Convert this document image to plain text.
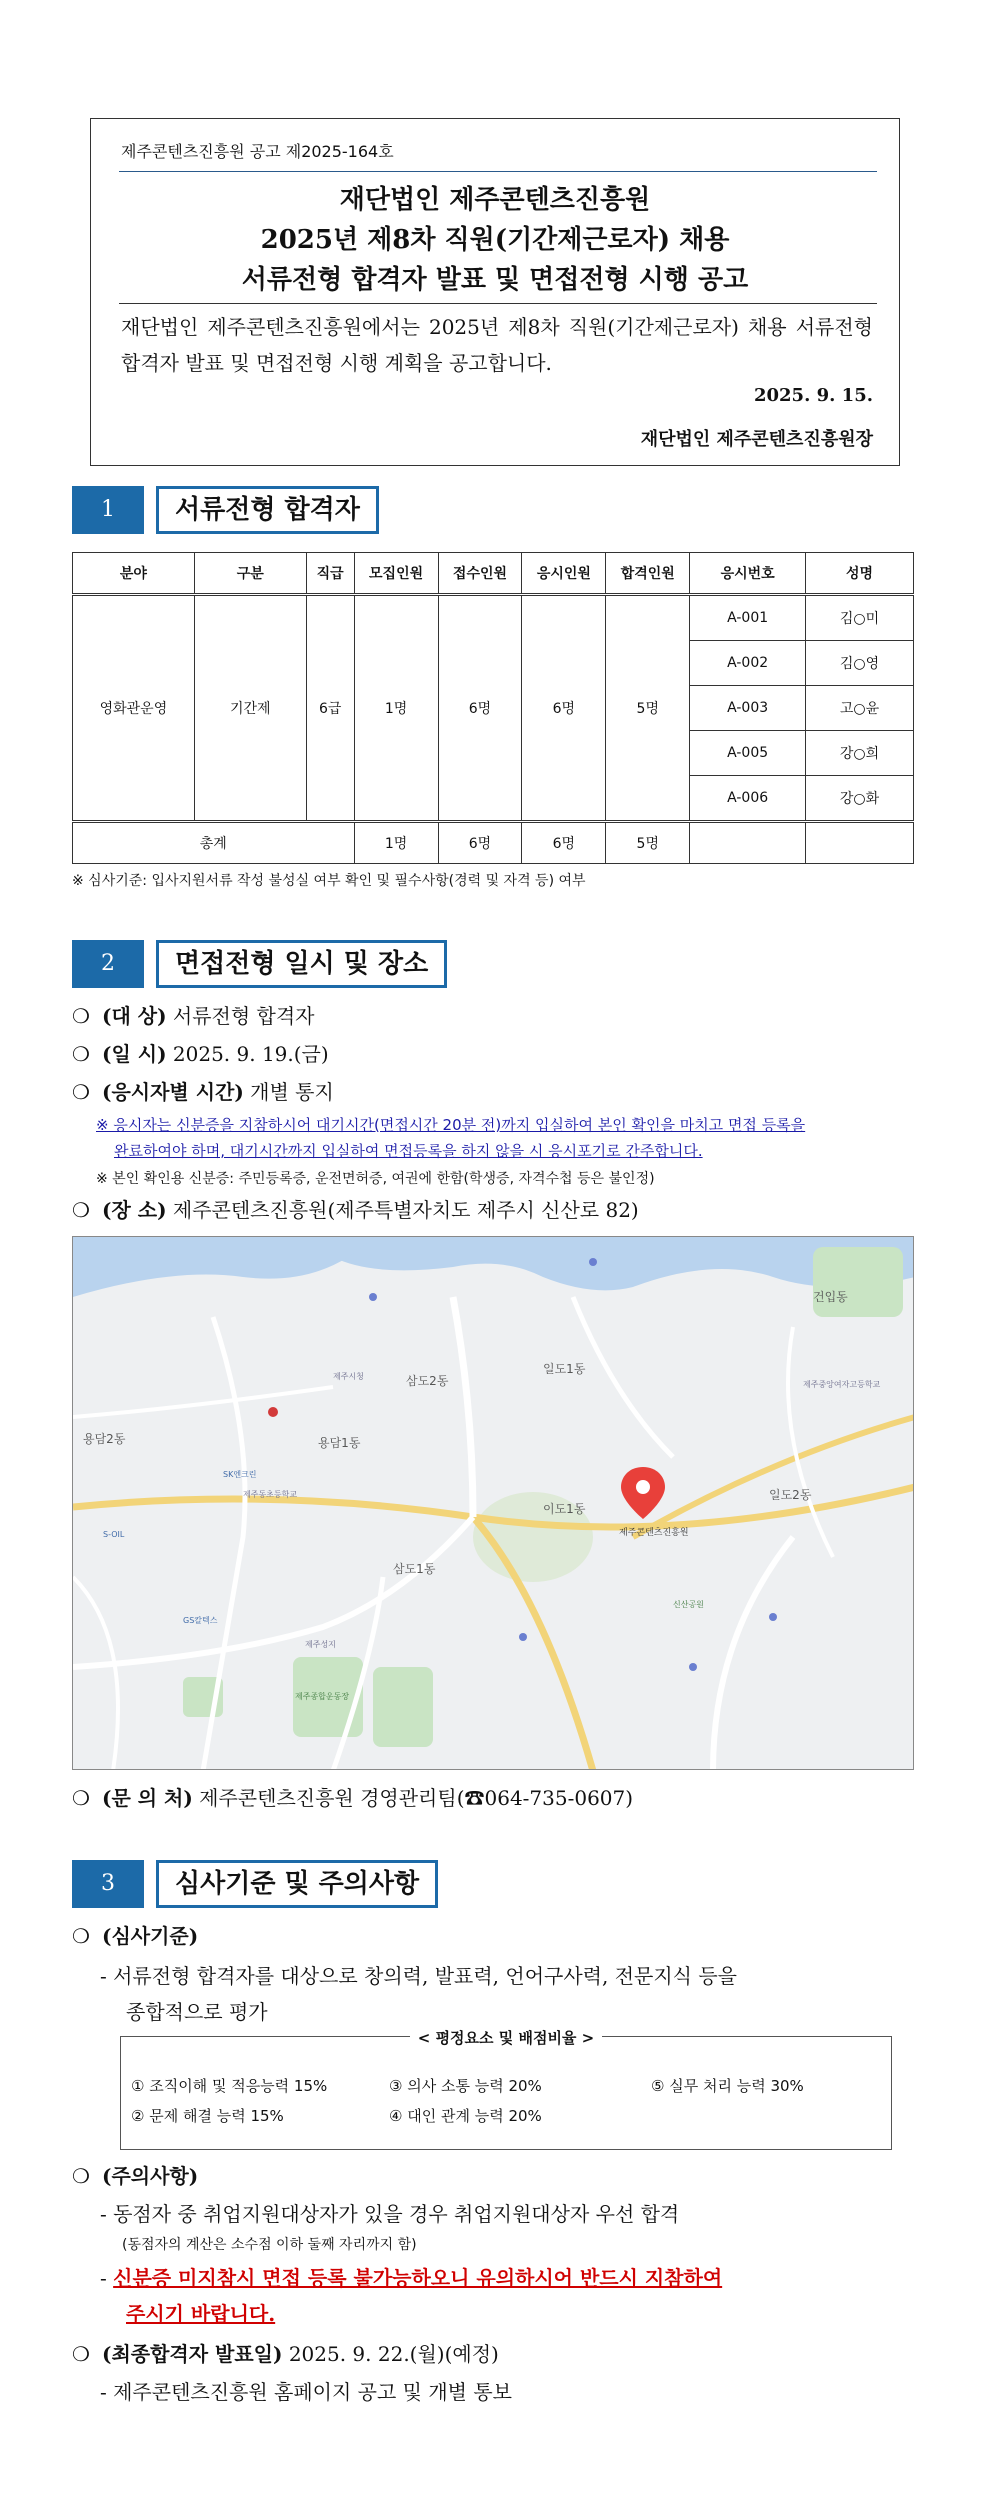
제주콘텐츠진흥원 공고 제2025-164호
재단법인 제주콘텐츠진흥원
2025년 제8차 직원(기간제근로자) 채용
서류전형 합격자 발표 및 면접전형 시행 공고
재단법인 제주콘텐츠진흥원에서는 2025년 제8차 직원(기간제근로자) 채용 서류전형 합격자 발표 및 면접전형 시행 계획을 공고합니다.
2025. 9. 15.
재단법인 제주콘텐츠진흥원장
1	서류전형 합격자
분야	구분	직급	모집인원	접수인원	응시인원	합격인원	응시번호	성명
영화관운영	기간제	6급	1명	6명	6명	5명	A-001	김○미
							A-002	김○영
							A-003	고○윤
							A-005	강○희
							A-006	강○화
총계			1명	6명	6명	5명		
※ 심사기준: 입사지원서류 작성 불성실 여부 확인 및 필수사항(경력 및 자격 등) 여부
2	면접전형 일시 및 장소
❍ (대 상) 서류전형 합격자
❍ (일 시) 2025. 9. 19.(금)
❍ (응시자별 시간) 개별 통지
※ 응시자는 신분증을 지참하시어 대기시간(면접시간 20분 전)까지 입실하여 본인 확인을 마치고 면접 등록을
완료하여야 하며, 대기시간까지 입실하여 면접등록을 하지 않을 시 응시포기로 간주합니다.
※ 본인 확인용 신분증: 주민등록증, 운전면허증, 여권에 한함(학생증, 자격수첩 등은 불인정)
❍ (장 소) 제주콘텐츠진흥원(제주특별자치도 제주시 신산로 82)
제주콘텐츠진흥원
삼도2동
용담2동	용담1동
삼도1동
이도1동
일도2동
일도1동
건입동
제주동초등학교
제주중앙여자고등학교
제주종합운동장
신산공원
S-OIL
SK엔크린
GS칼텍스
제주시청
제주성지
❍ (문 의 처) 제주콘텐츠진흥원 경영관리팀(☎064-735-0607)
3	심사기준 및 주의사항
❍ (심사기준)
- 서류전형 합격자를 대상으로 창의력, 발표력, 언어구사력, 전문지식 등을
종합적으로 평가
< 평정요소 및 배점비율 >
① 조직이해 및 적응능력 15%	③ 의사 소통 능력 20%	⑤ 실무 처리 능력 30%
② 문제 해결 능력 15%	④ 대인 관계 능력 20%
❍ (주의사항)
- 동점자 중 취업지원대상자가 있을 경우 취업지원대상자 우선 합격
(동점자의 계산은 소수점 이하 둘째 자리까지 함)
- 신분증 미지참시 면접 등록 불가능하오니 유의하시어 반드시 지참하여
주시기 바랍니다.
❍ (최종합격자 발표일) 2025. 9. 22.(월)(예정)
- 제주콘텐츠진흥원 홈페이지 공고 및 개별 통보
